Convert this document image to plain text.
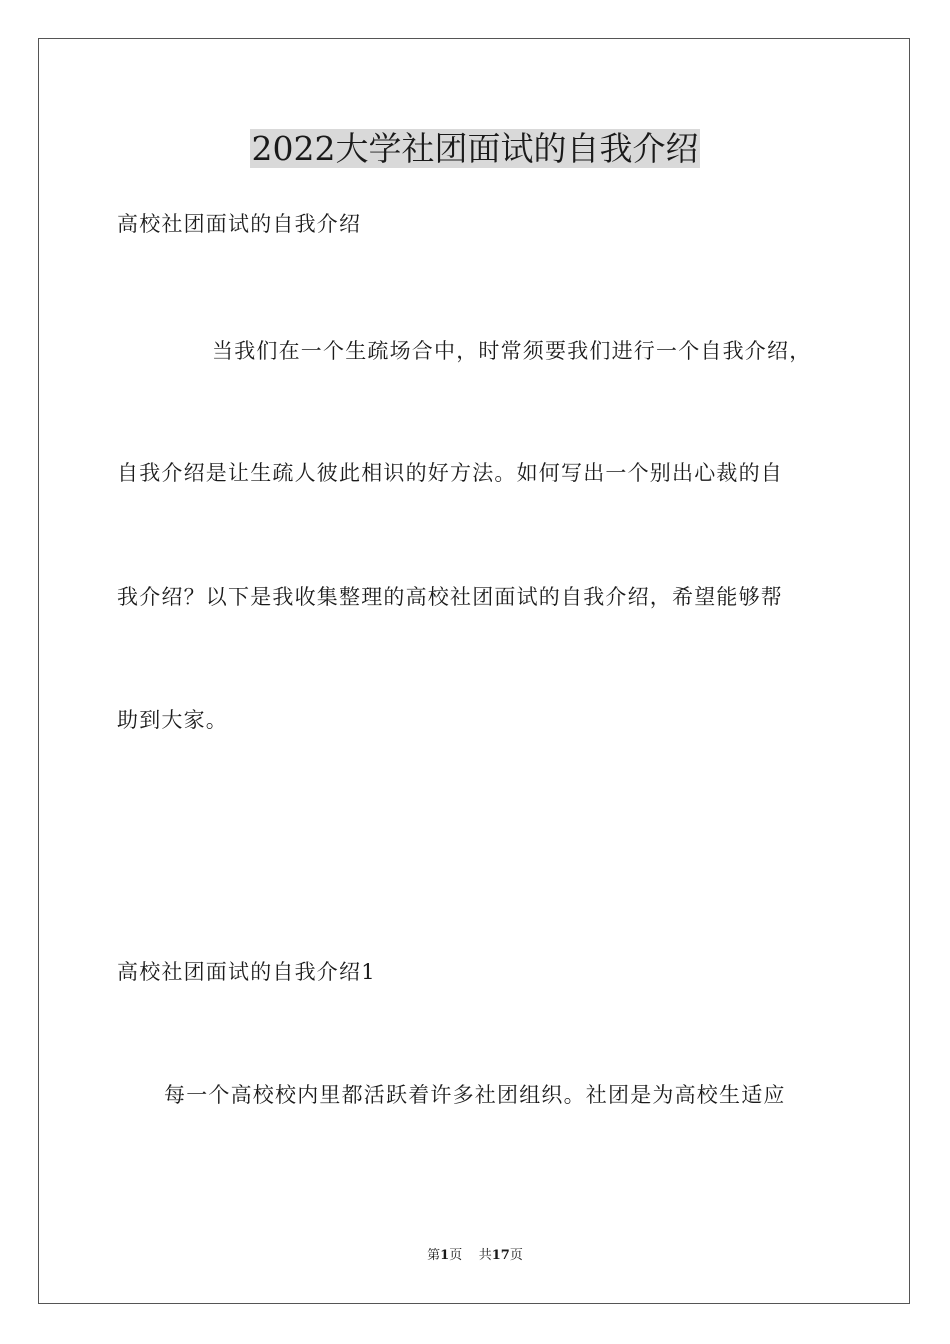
2022大学社团面试的自我介绍
高校社团面试的自我介绍
当我们在一个生疏场合中，时常须要我们进行一个自我介绍，
自我介绍是让生疏人彼此相识的好方法。如何写出一个别出心裁的自
我介绍？以下是我收集整理的高校社团面试的自我介绍，希望能够帮
助到大家。
高校社团面试的自我介绍1
每一个高校校内里都活跃着许多社团组织。社团是为高校生适应
第1页 共17页
